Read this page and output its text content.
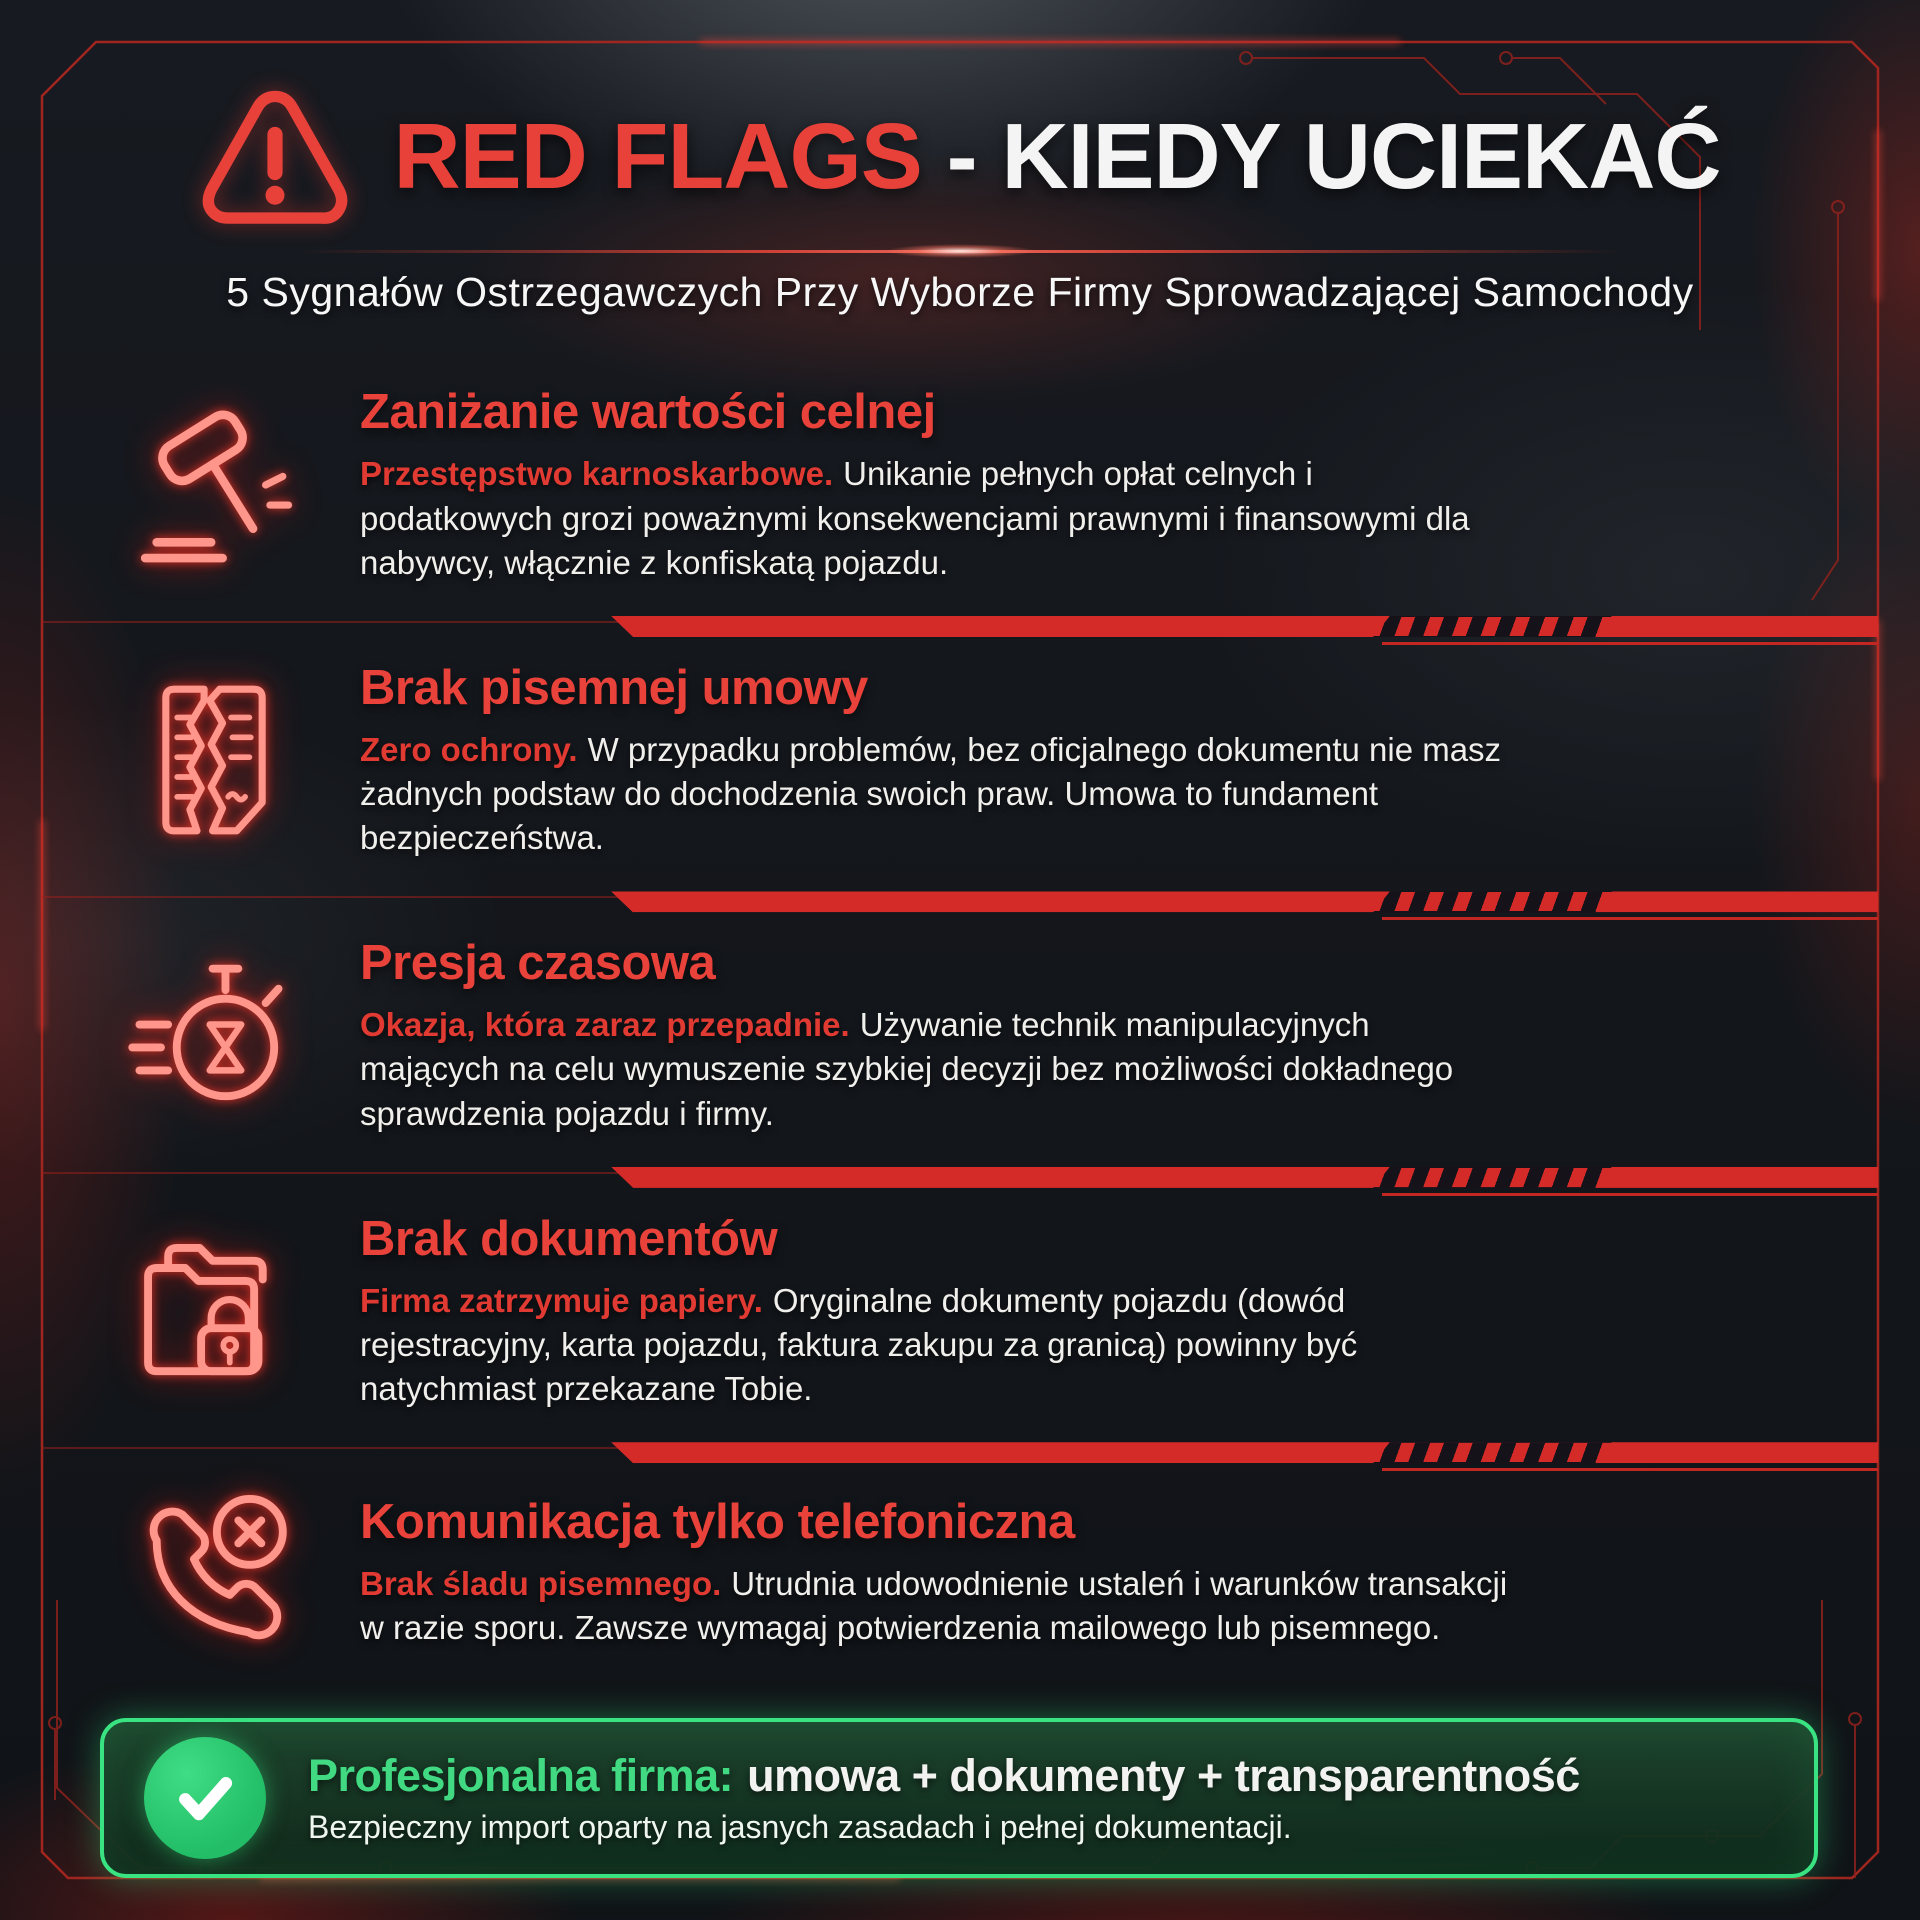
RED FLAGS - KIEDY UCIEKAĆ
5 Sygnałów Ostrzegawczych Przy Wyborze Firmy Sprowadzającej Samochody
Zaniżanie wartości celnej
Przestępstwo karnoskarbowe. Unikanie pełnych opłat celnych i podatkowych grozi poważnymi konsekwencjami prawnymi i finansowymi dla nabywcy, włącznie z konfiskatą pojazdu.
Brak pisemnej umowy
Zero ochrony. W przypadku problemów, bez oficjalnego dokumentu nie masz żadnych podstaw do dochodzenia swoich praw. Umowa to fundament bezpieczeństwa.
Presja czasowa
Okazja, która zaraz przepadnie. Używanie technik manipulacyjnych mających na celu wymuszenie szybkiej decyzji bez możliwości dokładnego sprawdzenia pojazdu i firmy.
Brak dokumentów
Firma zatrzymuje papiery. Oryginalne dokumenty pojazdu (dowód rejestracyjny, karta pojazdu, faktura zakupu za granicą) powinny być natychmiast przekazane Tobie.
Komunikacja tylko telefoniczna
Brak śladu pisemnego. Utrudnia udowodnienie ustaleń i warunków transakcji w razie sporu. Zawsze wymagaj potwierdzenia mailowego lub pisemnego.
Profesjonalna firma: umowa + dokumenty + transparentność
Bezpieczny import oparty na jasnych zasadach i pełnej dokumentacji.
